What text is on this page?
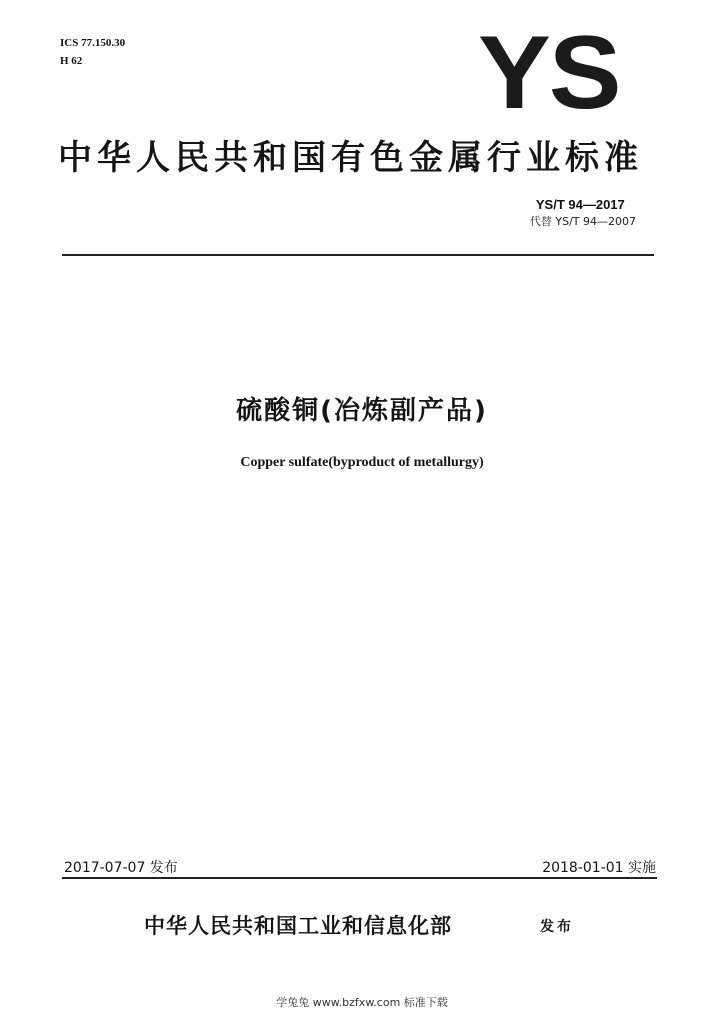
ICS 77.150.30
H 62	YS
中华人民共和国有色金属行业标准
YS/T 94—2017
代替 YS/T 94—2007
硫酸铜(冶炼副产品)
Copper sulfate(byproduct of metallurgy)
2017-07-07 发布	2018-01-01 实施
中华人民共和国工业和信息化部	发布
学兔兔 www.bzfxw.com 标准下载
